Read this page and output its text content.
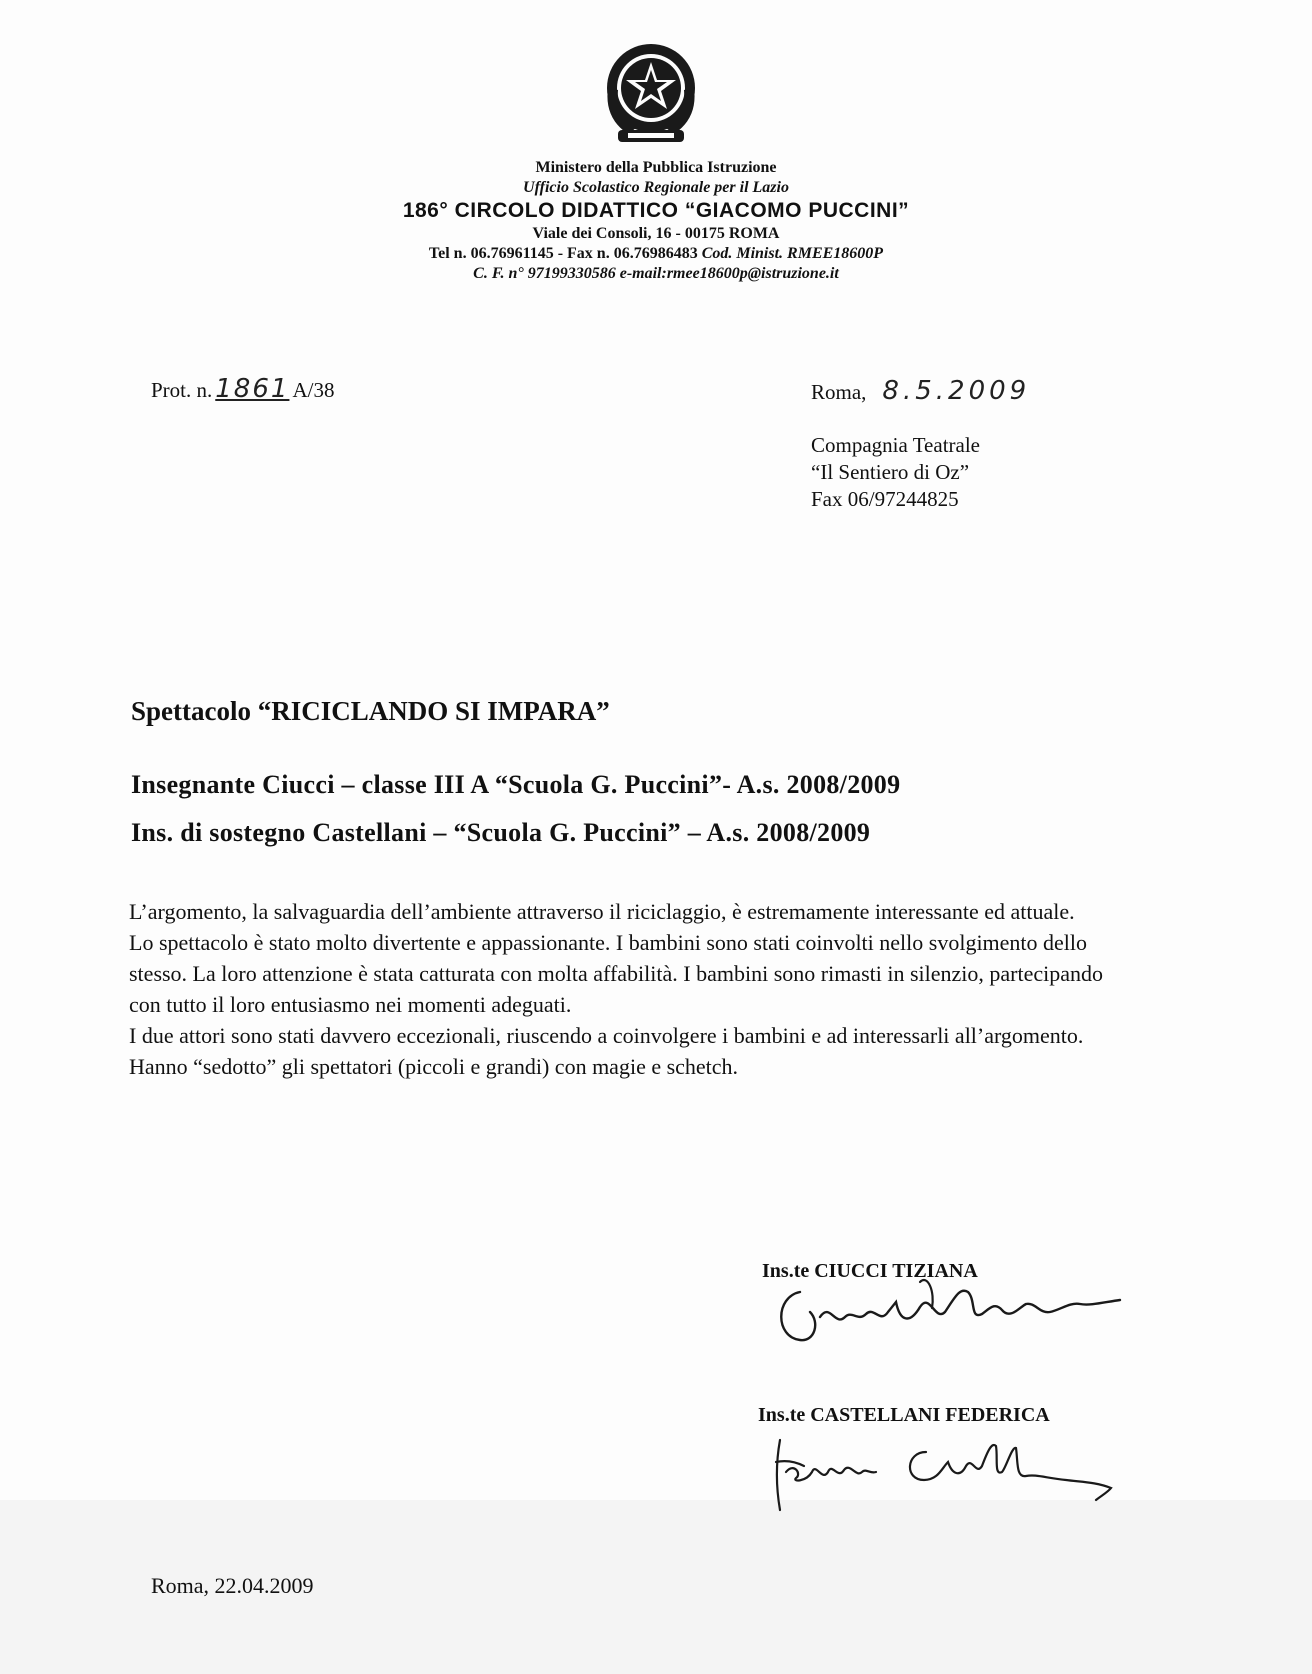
Ministero della Pubblica Istruzione
Ufficio Scolastico Regionale per il Lazio
186° CIRCOLO DIDATTICO “GIACOMO PUCCINI”
Viale dei Consoli, 16 - 00175 ROMA
Tel n. 06.76961145 - Fax n. 06.76986483 Cod. Minist. RMEE18600P
C. F. n° 97199330586 e-mail:rmee18600p@istruzione.it
Prot. n. 1861 A/38	Roma, 8.5.2009
Compagnia Teatrale
“Il Sentiero di Oz”
Fax 06/97244825
Spettacolo “RICICLANDO SI IMPARA”
Insegnante Ciucci – classe III A “Scuola G. Puccini”- A.s. 2008/2009
Ins. di sostegno Castellani – “Scuola G. Puccini” – A.s. 2008/2009

L’argomento, la salvaguardia dell’ambiente attraverso il riciclaggio, è estremamente interessante ed attuale.

Lo spettacolo è stato molto divertente e appassionante. I bambini sono stati coinvolti nello svolgimento dello stesso. La loro attenzione è stata catturata con molta affabilità. I bambini sono rimasti in silenzio, partecipando con tutto il loro entusiasmo nei momenti adeguati.

I due attori sono stati davvero eccezionali, riuscendo a coinvolgere i bambini e ad interessarli all’argomento.

Hanno “sedotto” gli spettatori (piccoli e grandi) con magie e schetch.

Ins.te CIUCCI TIZIANA
Ins.te CASTELLANI FEDERICA
Roma, 22.04.2009
